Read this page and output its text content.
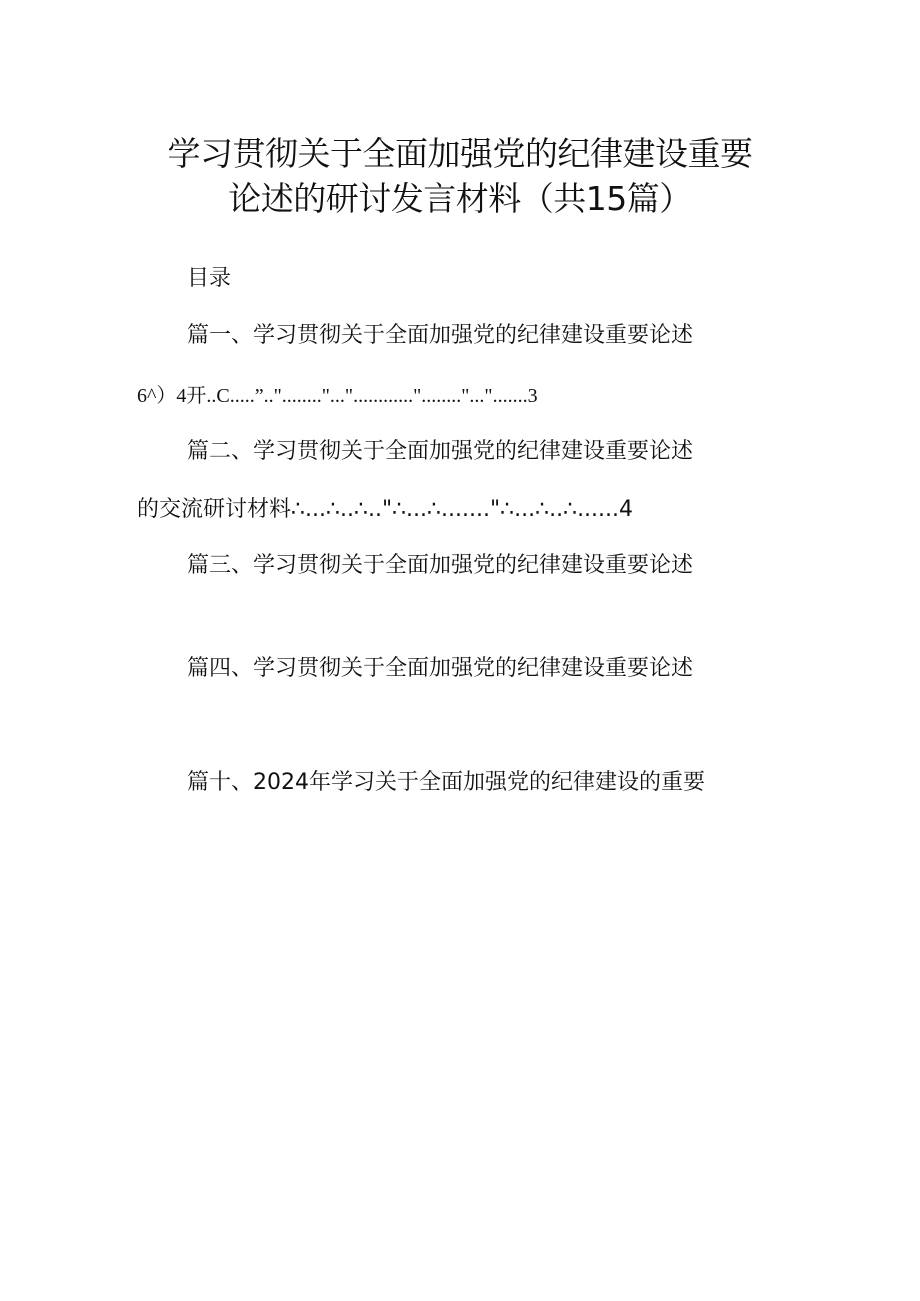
学习贯彻关于全面加强党的纪律建设重要
论述的研讨发言材料（共15篇）
目录
篇一、学习贯彻关于全面加强党的纪律建设重要论述
6^）4开..C.....”.."........"..."............"........"...".......3
篇二、学习贯彻关于全面加强党的纪律建设重要论述
的交流研讨材料∴...∴..∴.."∴...∴......."∴...∴..∴......4
篇三、学习贯彻关于全面加强党的纪律建设重要论述
篇四、学习贯彻关于全面加强党的纪律建设重要论述
篇十、2024年学习关于全面加强党的纪律建设的重要
